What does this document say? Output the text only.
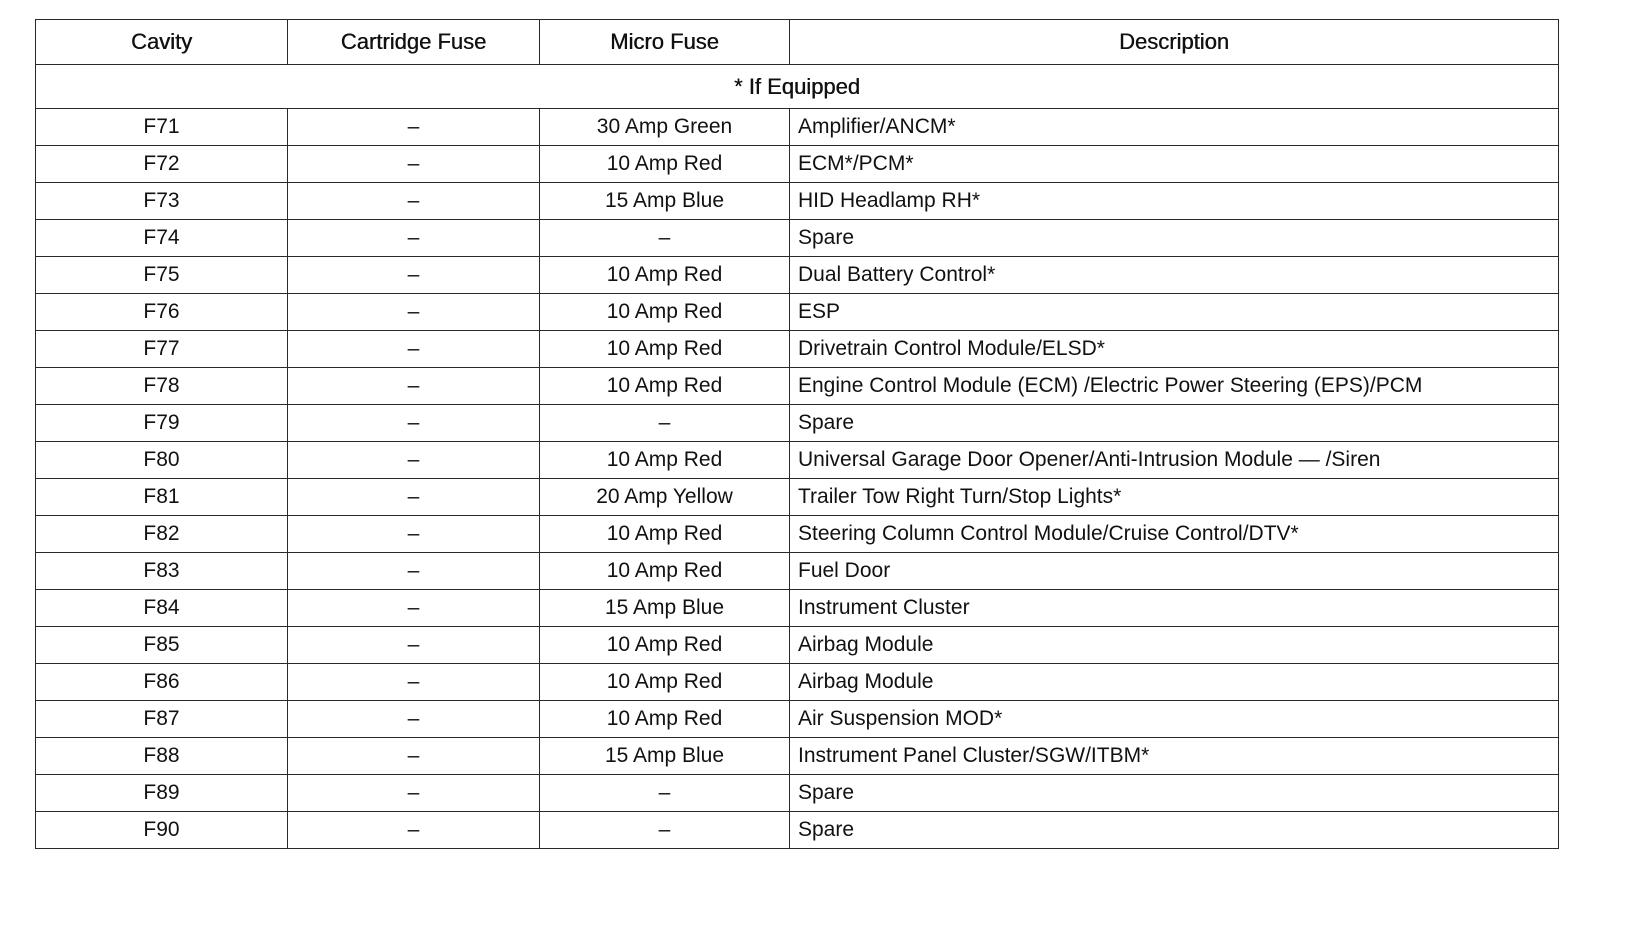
Cavity	Cartridge Fuse	Micro Fuse	Description
* If Equipped			
F71	–	30 Amp Green	Amplifier/ANCM*
F72	–	10 Amp Red	ECM*/PCM*
F73	–	15 Amp Blue	HID Headlamp RH*
F74	–	–	Spare
F75	–	10 Amp Red	Dual Battery Control*
F76	–	10 Amp Red	ESP
F77	–	10 Amp Red	Drivetrain Control Module/ELSD*
F78	–	10 Amp Red	Engine Control Module (ECM) /Electric Power Steering (EPS)/PCM
F79	–	–	Spare
F80	–	10 Amp Red	Universal Garage Door Opener/Anti-Intrusion Module — /Siren
F81	–	20 Amp Yellow	Trailer Tow Right Turn/Stop Lights*
F82	–	10 Amp Red	Steering Column Control Module/Cruise Control/DTV*
F83	–	10 Amp Red	Fuel Door
F84	–	15 Amp Blue	Instrument Cluster
F85	–	10 Amp Red	Airbag Module
F86	–	10 Amp Red	Airbag Module
F87	–	10 Amp Red	Air Suspension MOD*
F88	–	15 Amp Blue	Instrument Panel Cluster/SGW/ITBM*
F89	–	–	Spare
F90	–	–	Spare
